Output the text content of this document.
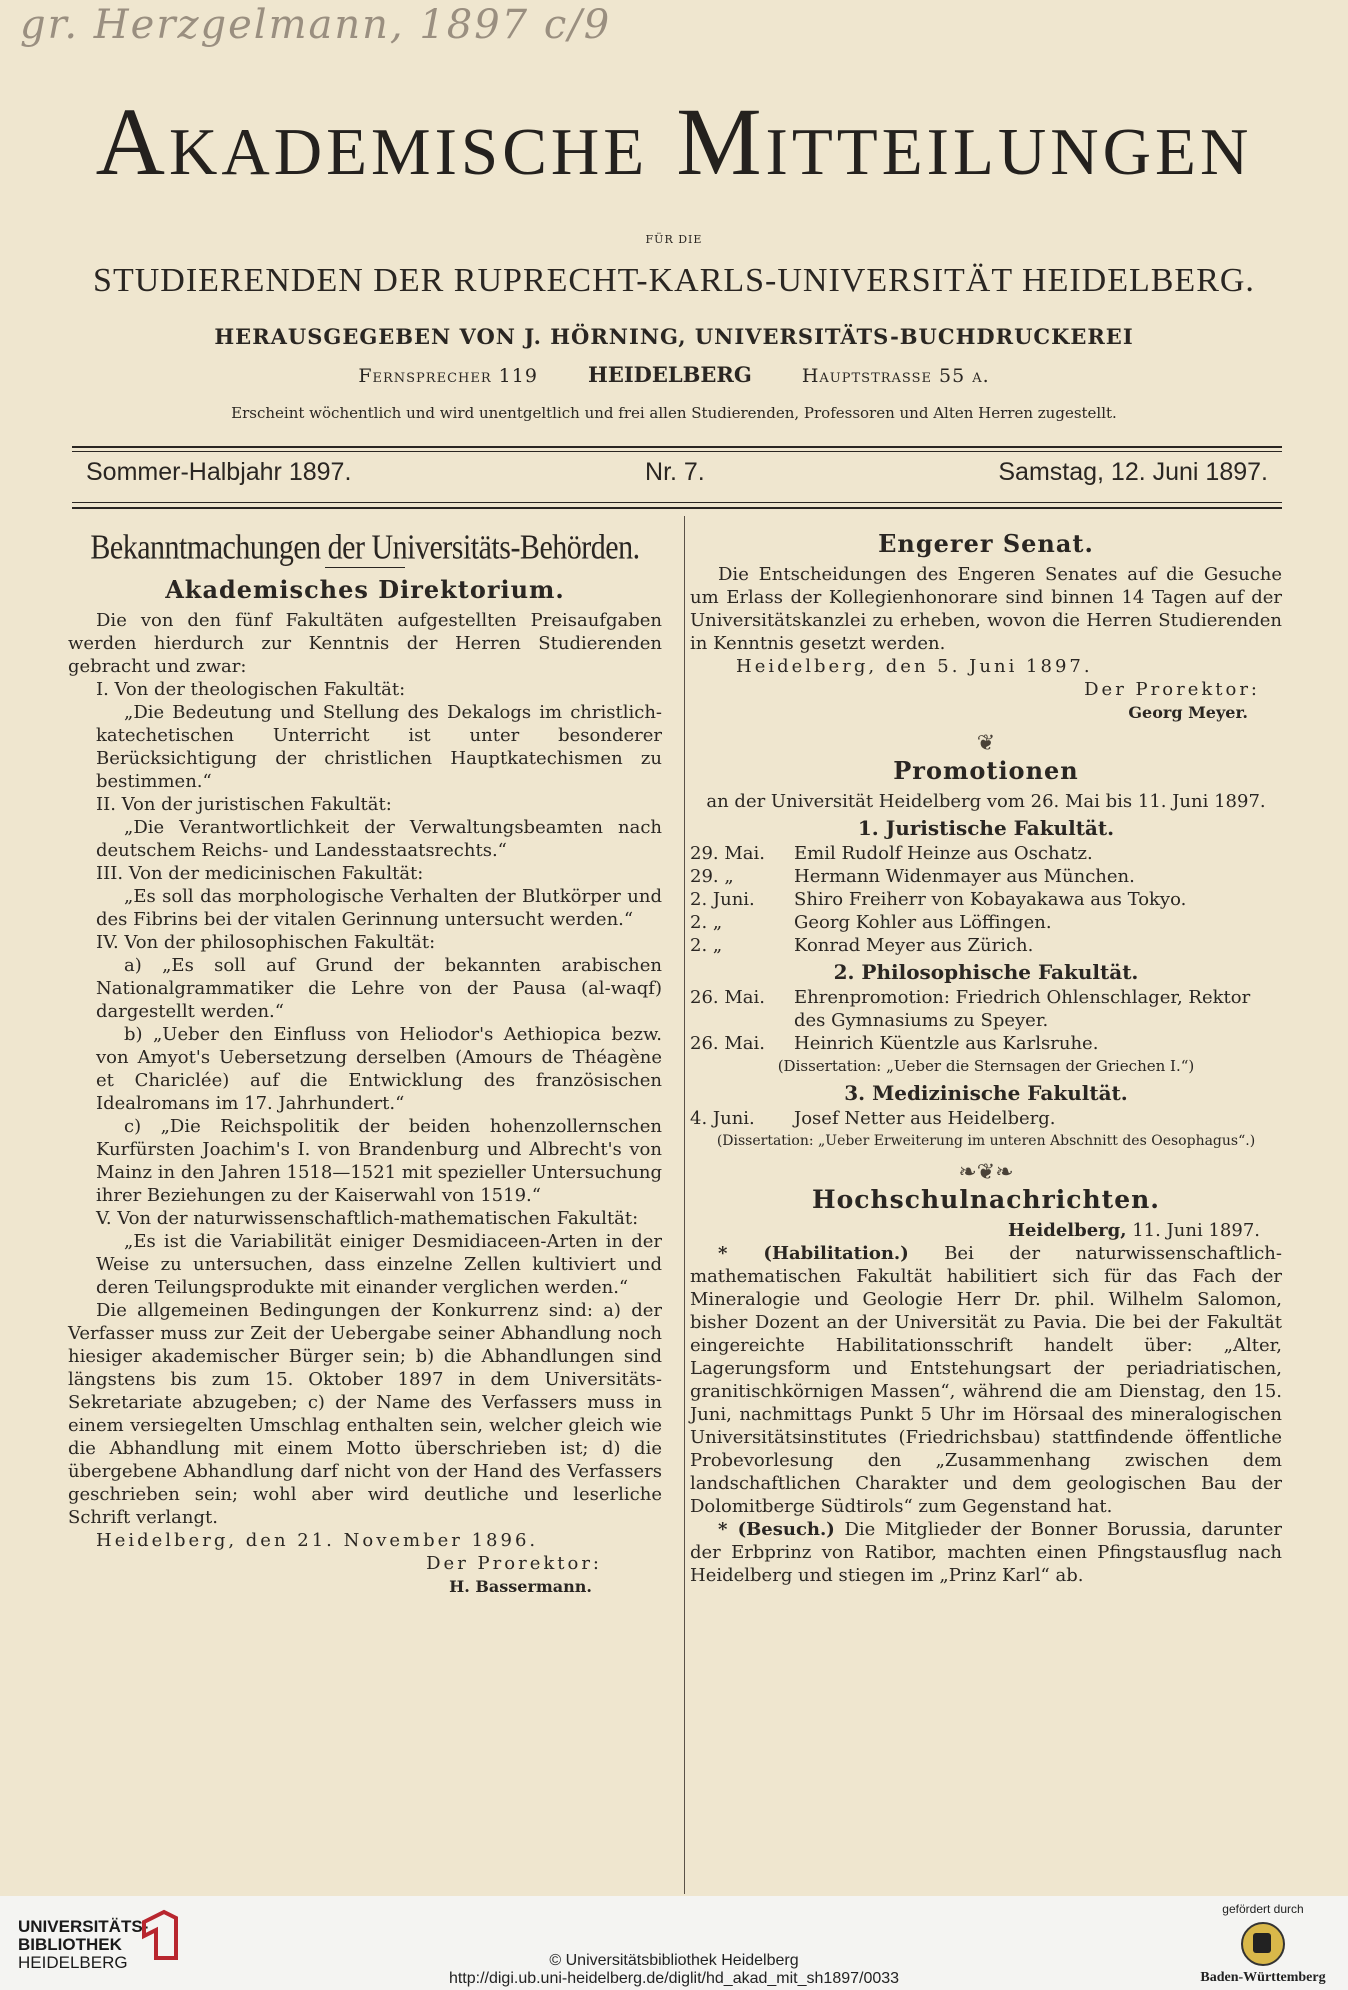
gr. Herzgelmann, 1897 c/9
Akademische Mitteilungen
FÜR DIE
STUDIERENDEN DER RUPRECHT-KARLS-UNIVERSITÄT HEIDELBERG.
HERAUSGEGEBEN VON J. HÖRNING, UNIVERSITÄTS-BUCHDRUCKEREI
Fernsprecher 119 HEIDELBERG	Hauptstrasse 55 a.
Erscheint wöchentlich und wird unentgeltlich und frei allen Studierenden, Professoren und Alten Herren zugestellt.
Sommer-Halbjahr 1897.	Nr. 7.	Samstag, 12. Juni 1897.
Bekanntmachungen der Universitäts-Behörden.
Akademisches Direktorium.

Die von den fünf Fakultäten aufgestellten Preisaufgaben werden hierdurch zur Kenntnis der Herren Studierenden gebracht und zwar:

I. Von der theologischen Fakultät:

„Die Bedeutung und Stellung des Dekalogs im christlich-katechetischen Unterricht ist unter besonderer Berücksichtigung der christlichen Hauptkatechismen zu bestimmen.“

II. Von der juristischen Fakultät:

„Die Verantwortlichkeit der Verwaltungsbeamten nach deutschem Reichs- und Landesstaatsrechts.“

III. Von der medicinischen Fakultät:

„Es soll das morphologische Verhalten der Blutkörper und des Fibrins bei der vitalen Gerinnung untersucht werden.“

IV. Von der philosophischen Fakultät:

a) „Es soll auf Grund der bekannten arabischen Nationalgrammatiker die Lehre von der Pausa (al-waqf) dargestellt werden.“

b) „Ueber den Einfluss von Heliodor's Aethiopica bezw. von Amyot's Uebersetzung derselben (Amours de Théagène et Chariclée) auf die Entwicklung des französischen Idealromans im 17. Jahrhundert.“

c) „Die Reichspolitik der beiden hohenzollernschen Kurfürsten Joachim's I. von Brandenburg und Albrecht's von Mainz in den Jahren 1518—1521 mit spezieller Untersuchung ihrer Beziehungen zu der Kaiserwahl von 1519.“

V. Von der naturwissenschaftlich-mathematischen Fakultät:

„Es ist die Variabilität einiger Desmidiaceen-Arten in der Weise zu untersuchen, dass einzelne Zellen kultiviert und deren Teilungsprodukte mit einander verglichen werden.“

Die allgemeinen Bedingungen der Konkurrenz sind: a) der Verfasser muss zur Zeit der Uebergabe seiner Abhandlung noch hiesiger akademischer Bürger sein; b) die Abhandlungen sind längstens bis zum 15. Oktober 1897 in dem Universitäts-Sekretariate abzugeben; c) der Name des Verfassers muss in einem versiegelten Umschlag enthalten sein, welcher gleich wie die Abhandlung mit einem Motto überschrieben ist; d) die übergebene Abhandlung darf nicht von der Hand des Verfassers geschrieben sein; wohl aber wird deutliche und leserliche Schrift verlangt.

Heidelberg, den 21. November 1896.

Der Prorektor:

H. Bassermann.

Engerer Senat.

Die Entscheidungen des Engeren Senates auf die Gesuche um Erlass der Kollegienhonorare sind binnen 14 Tagen auf der Universitätskanzlei zu erheben, wovon die Herren Studierenden in Kenntnis gesetzt werden.

Heidelberg, den 5. Juni 1897.

Der Prorektor:

Georg Meyer.

❦
Promotionen

an der Universität Heidelberg vom 26. Mai bis 11. Juni 1897.

1. Juristische Fakultät.
29. Mai.	Emil Rudolf Heinze aus Oschatz.
29. „	Hermann Widenmayer aus München.
2. Juni.	Shiro Freiherr von Kobayakawa aus Tokyo.
2. „	Georg Kohler aus Löffingen.
2. „	Konrad Meyer aus Zürich.
2. Philosophische Fakultät.
26. Mai.	Ehrenpromotion: Friedrich Ohlenschlager, Rektor des Gymnasiums zu Speyer.
26. Mai.	Heinrich Küentzle aus Karlsruhe.

(Dissertation: „Ueber die Sternsagen der Griechen I.“)

3. Medizinische Fakultät.
4. Juni.	Josef Netter aus Heidelberg.

(Dissertation: „Ueber Erweiterung im unteren Abschnitt des Oesophagus“.)

❧❦❧
Hochschulnachrichten.

Heidelberg, 11. Juni 1897.

* (Habilitation.) Bei der naturwissenschaftlich-mathematischen Fakultät habilitiert sich für das Fach der Mineralogie und Geologie Herr Dr. phil. Wilhelm Salomon, bisher Dozent an der Universität zu Pavia. Die bei der Fakultät eingereichte Habilitationsschrift handelt über: „Alter, Lagerungsform und Entstehungsart der periadriatischen, granitischkörnigen Massen“, während die am Dienstag, den 15. Juni, nachmittags Punkt 5 Uhr im Hörsaal des mineralogischen Universitätsinstitutes (Friedrichsbau) stattfindende öffentliche Probevorlesung den „Zusammenhang zwischen dem landschaftlichen Charakter und dem geologischen Bau der Dolomitberge Südtirols“ zum Gegenstand hat.

* (Besuch.) Die Mitglieder der Bonner Borussia, darunter der Erbprinz von Ratibor, machten einen Pfingstausflug nach Heidelberg und stiegen im „Prinz Karl“ ab.

UNIVERSITÄTS-
BIBLIOTHEK
HEIDELBERG	© Universitätsbibliothek Heidelberg
http://digi.ub.uni-heidelberg.de/diglit/hd_akad_mit_sh1897/0033
gefördert durch
Baden-Württemberg
